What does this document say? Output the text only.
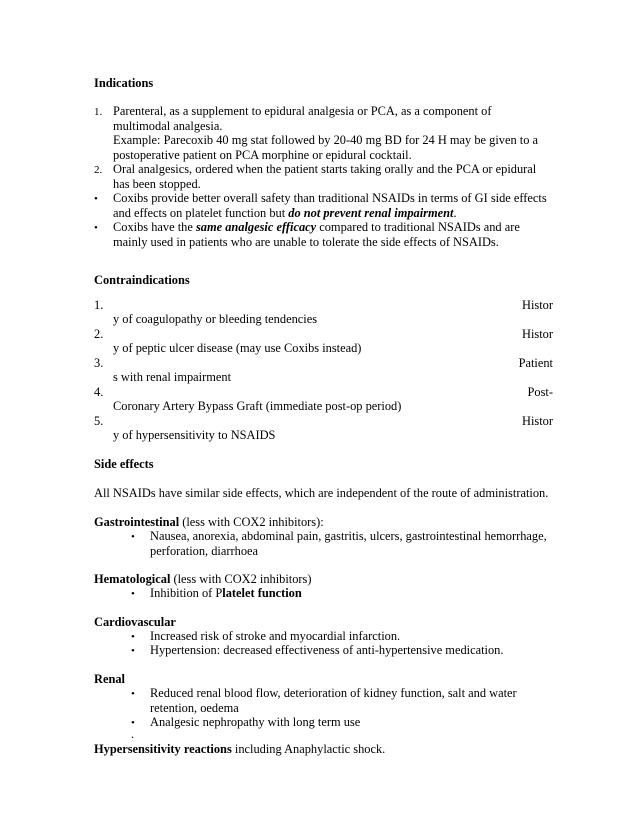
Indications
1. Parenteral, as a supplement to epidural analgesia or PCA, as a component of
multimodal analgesia.
Example: Parecoxib 40 mg stat followed by 20-40 mg BD for 24 H may be given to a
postoperative patient on PCA morphine or epidural cocktail.
2. Oral analgesics, ordered when the patient starts taking orally and the PCA or epidural
has been stopped.
• Coxibs provide better overall safety than traditional NSAIDs in terms of GI side effects
and effects on platelet function but do not prevent renal impairment.
• Coxibs have the same analgesic efficacy compared to traditional NSAIDs and are
mainly used in patients who are unable to tolerate the side effects of NSAIDs.
Contraindications
1.	Histor
y of coagulopathy or bleeding tendencies
2.	Histor
y of peptic ulcer disease (may use Coxibs instead)
3.	Patient
s with renal impairment
4.	Post-
Coronary Artery Bypass Graft (immediate post-op period)
5.	Histor
y of hypersensitivity to NSAIDS
Side effects
All NSAIDs have similar side effects, which are independent of the route of administration.
Gastrointestinal (less with COX2 inhibitors):
• Nausea, anorexia, abdominal pain, gastritis, ulcers, gastrointestinal hemorrhage,
perforation, diarrhoea
Hematological (less with COX2 inhibitors)
• Inhibition of Platelet function
Cardiovascular
• Increased risk of stroke and myocardial infarction.
• Hypertension: decreased effectiveness of anti-hypertensive medication.
Renal
• Reduced renal blood flow, deterioration of kidney function, salt and water
retention, oedema
• Analgesic nephropathy with long term use
.
Hypersensitivity reactions including Anaphylactic shock.
